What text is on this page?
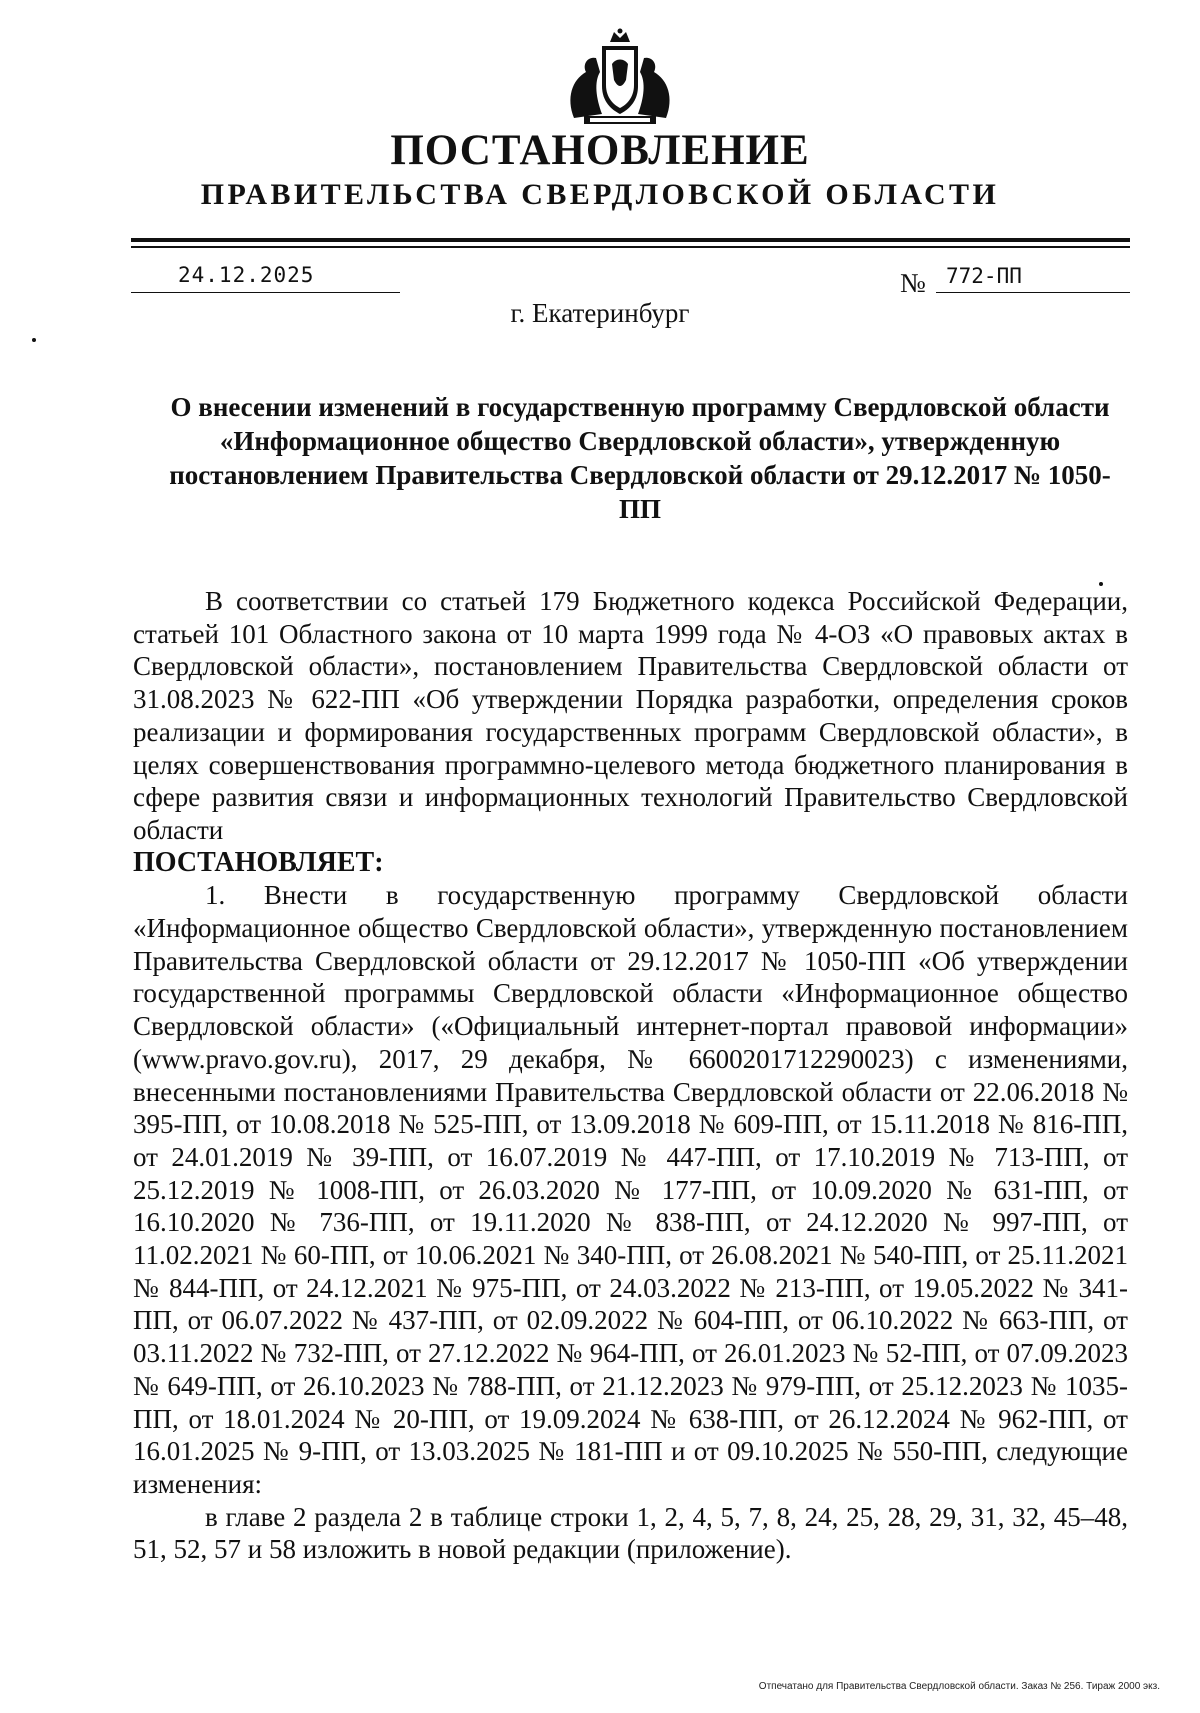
ПОСТАНОВЛЕНИЕ
ПРАВИТЕЛЬСТВА СВЕРДЛОВСКОЙ ОБЛАСТИ
24.12.2025	№ 772-ПП
г. Екатеринбург
О внесении изменений в государственную программу Свердловской области «Информационное общество Свердловской области», утвержденную постановлением Правительства Свердловской области от 29.12.2017 № 1050-ПП

В соответствии со статьей 179 Бюджетного кодекса Российской Федерации, статьей 101 Областного закона от 10 марта 1999 года № 4-ОЗ «О правовых актах в Свердловской области», постановлением Правительства Свердловской области от 31.08.2023 № 622-ПП «Об утверждении Порядка разработки, определения сроков реализации и формирования государственных программ Свердловской области», в целях совершенствования программно-целевого метода бюджетного планирования в сфере развития связи и информационных технологий Правительство Свердловской области

ПОСТАНОВЛЯЕТ:

1. Внести в государственную программу Свердловской области «Информационное общество Свердловской области», утвержденную постановлением Правительства Свердловской области от 29.12.2017 № 1050-ПП «Об утверждении государственной программы Свердловской области «Информационное общество Свердловской области» («Официальный интернет-портал правовой информации» (www.pravo.gov.ru), 2017, 29 декабря, № 6600201712290023) с изменениями, внесенными постановлениями Правительства Свердловской области от 22.06.2018 № 395-ПП, от 10.08.2018 № 525-ПП, от 13.09.2018 № 609-ПП, от 15.11.2018 № 816-ПП, от 24.01.2019 № 39-ПП, от 16.07.2019 № 447-ПП, от 17.10.2019 № 713-ПП, от 25.12.2019 № 1008-ПП, от 26.03.2020 № 177-ПП, от 10.09.2020 № 631-ПП, от 16.10.2020 № 736-ПП, от 19.11.2020 № 838-ПП, от 24.12.2020 № 997-ПП, от 11.02.2021 № 60-ПП, от 10.06.2021 № 340-ПП, от 26.08.2021 № 540-ПП, от 25.11.2021 № 844-ПП, от 24.12.2021 № 975-ПП, от 24.03.2022 № 213-ПП, от 19.05.2022 № 341-ПП, от 06.07.2022 № 437-ПП, от 02.09.2022 № 604-ПП, от 06.10.2022 № 663-ПП, от 03.11.2022 № 732-ПП, от 27.12.2022 № 964-ПП, от 26.01.2023 № 52-ПП, от 07.09.2023 № 649-ПП, от 26.10.2023 № 788-ПП, от 21.12.2023 № 979-ПП, от 25.12.2023 № 1035-ПП, от 18.01.2024 № 20-ПП, от 19.09.2024 № 638-ПП, от 26.12.2024 № 962-ПП, от 16.01.2025 № 9-ПП, от 13.03.2025 № 181-ПП и от 09.10.2025 № 550-ПП, следующие изменения:

в главе 2 раздела 2 в таблице строки 1, 2, 4, 5, 7, 8, 24, 25, 28, 29, 31, 32, 45–48, 51, 52, 57 и 58 изложить в новой редакции (приложение).

Отпечатано для Правительства Свердловской области. Заказ № 256. Тираж 2000 экз.
